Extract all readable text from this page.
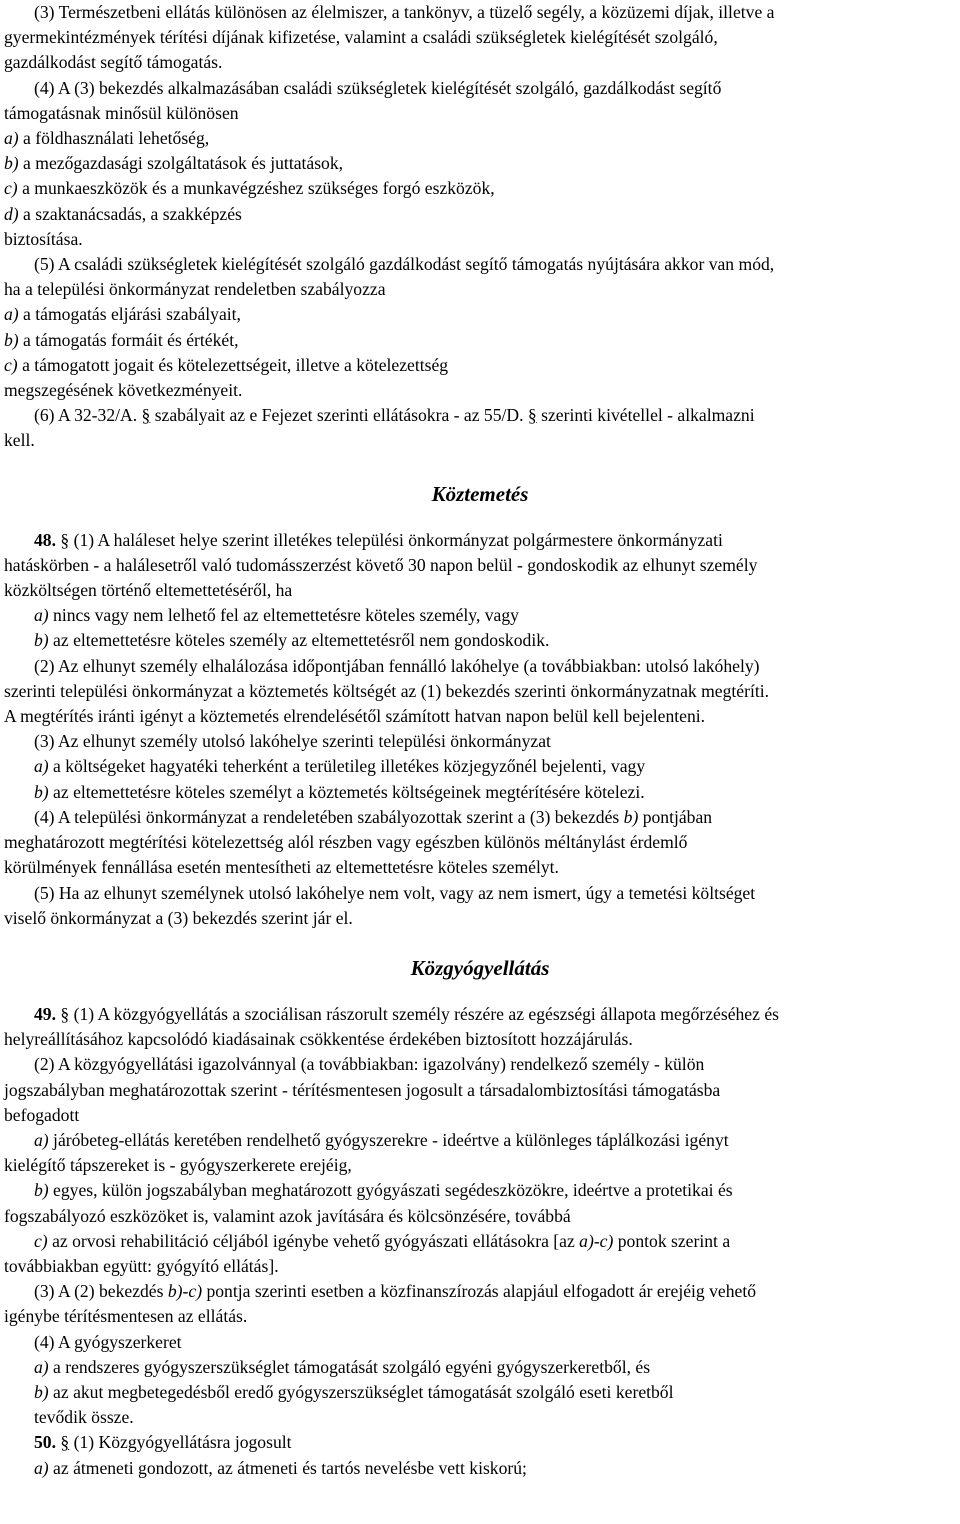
(3) Természetbeni ellátás különösen az élelmiszer, a tankönyv, a tüzelő segély, a közüzemi díjak, illetve a
gyermekintézmények térítési díjának kifizetése, valamint a családi szükségletek kielégítését szolgáló,
gazdálkodást segítő támogatás.
(4) A (3) bekezdés alkalmazásában családi szükségletek kielégítését szolgáló, gazdálkodást segítő
támogatásnak minősül különösen
a) a földhasználati lehetőség,
b) a mezőgazdasági szolgáltatások és juttatások,
c) a munkaeszközök és a munkavégzéshez szükséges forgó eszközök,
d) a szaktanácsadás, a szakképzés
biztosítása.
(5) A családi szükségletek kielégítését szolgáló gazdálkodást segítő támogatás nyújtására akkor van mód,
ha a települési önkormányzat rendeletben szabályozza
a) a támogatás eljárási szabályait,
b) a támogatás formáit és értékét,
c) a támogatott jogait és kötelezettségeit, illetve a kötelezettség
megszegésének következményeit.
(6) A 32-32/A. § szabályait az e Fejezet szerinti ellátásokra - az 55/D. § szerinti kivétellel - alkalmazni
kell.
Köztemetés
48. § (1) A haláleset helye szerint illetékes települési önkormányzat polgármestere önkormányzati
hatáskörben - a halálesetről való tudomásszerzést követő 30 napon belül - gondoskodik az elhunyt személy
közköltségen történő eltemettetéséről, ha
a) nincs vagy nem lelhető fel az eltemettetésre köteles személy, vagy
b) az eltemettetésre köteles személy az eltemettetésről nem gondoskodik.
(2) Az elhunyt személy elhalálozása időpontjában fennálló lakóhelye (a továbbiakban: utolsó lakóhely)
szerinti települési önkormányzat a köztemetés költségét az (1) bekezdés szerinti önkormányzatnak megtéríti.
A megtérítés iránti igényt a köztemetés elrendelésétől számított hatvan napon belül kell bejelenteni.
(3) Az elhunyt személy utolsó lakóhelye szerinti települési önkormányzat
a) a költségeket hagyatéki teherként a területileg illetékes közjegyzőnél bejelenti, vagy
b) az eltemettetésre köteles személyt a köztemetés költségeinek megtérítésére kötelezi.
(4) A települési önkormányzat a rendeletében szabályozottak szerint a (3) bekezdés b) pontjában
meghatározott megtérítési kötelezettség alól részben vagy egészben különös méltánylást érdemlő
körülmények fennállása esetén mentesítheti az eltemettetésre köteles személyt.
(5) Ha az elhunyt személynek utolsó lakóhelye nem volt, vagy az nem ismert, úgy a temetési költséget
viselő önkormányzat a (3) bekezdés szerint jár el.
Közgyógyellátás
49. § (1) A közgyógyellátás a szociálisan rászorult személy részére az egészségi állapota megőrzéséhez és
helyreállításához kapcsolódó kiadásainak csökkentése érdekében biztosított hozzájárulás.
(2) A közgyógyellátási igazolvánnyal (a továbbiakban: igazolvány) rendelkező személy - külön
jogszabályban meghatározottak szerint - térítésmentesen jogosult a társadalombiztosítási támogatásba
befogadott
a) járóbeteg-ellátás keretében rendelhető gyógyszerekre - ideértve a különleges táplálkozási igényt
kielégítő tápszereket is - gyógyszerkerete erejéig,
b) egyes, külön jogszabályban meghatározott gyógyászati segédeszközökre, ideértve a protetikai és
fogszabályozó eszközöket is, valamint azok javítására és kölcsönzésére, továbbá
c) az orvosi rehabilitáció céljából igénybe vehető gyógyászati ellátásokra [az a)-c) pontok szerint a
továbbiakban együtt: gyógyító ellátás].
(3) A (2) bekezdés b)-c) pontja szerinti esetben a közfinanszírozás alapjául elfogadott ár erejéig vehető
igénybe térítésmentesen az ellátás.
(4) A gyógyszerkeret
a) a rendszeres gyógyszerszükséglet támogatását szolgáló egyéni gyógyszerkeretből, és
b) az akut megbetegedésből eredő gyógyszerszükséglet támogatását szolgáló eseti keretből
tevődik össze.
50. § (1) Közgyógyellátásra jogosult
a) az átmeneti gondozott, az átmeneti és tartós nevelésbe vett kiskorú;
